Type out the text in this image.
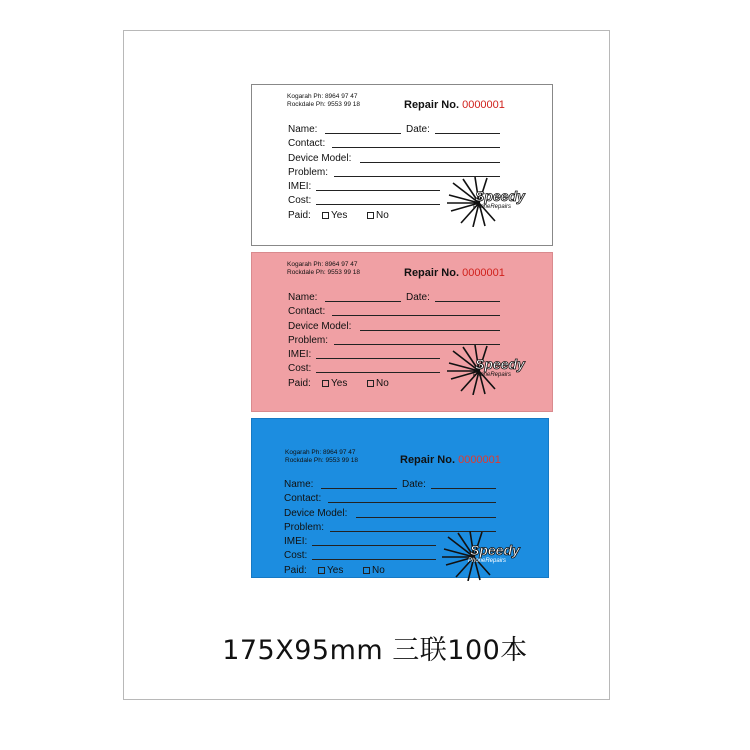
Kogarah Ph: 8964 97 47
Rockdale Ph: 9553 99 18	Repair No. 0000001
Name:	Date:
Contact:
Device Model:
Problem:
IMEI:
Cost:
Paid:	Yes	No
Speedy
PhoneRepairs
Kogarah Ph: 8964 97 47
Rockdale Ph: 9553 99 18	Repair No. 0000001
Name:	Date:
Contact:
Device Model:
Problem:
IMEI:
Cost:
Paid:	Yes	No
Speedy
PhoneRepairs
Kogarah Ph: 8964 97 47
Rockdale Ph: 9553 99 18	Repair No. 0000001
Name:	Date:
Contact:
Device Model:
Problem:
IMEI:
Cost:
Paid:	Yes	No
Speedy
PhoneRepairs
175X95mm 三联100本
